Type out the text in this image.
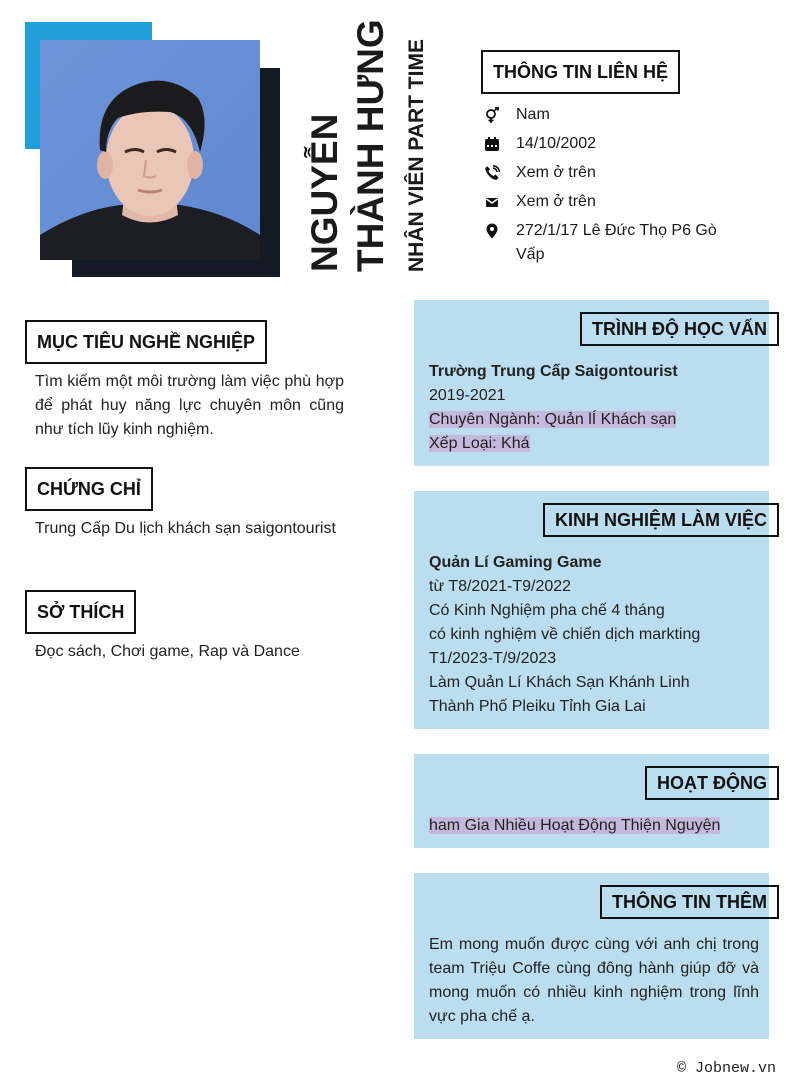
NGUYỄN THÀNH HƯNG NHÂN VIÊN PART TIME	THÔNG TIN LIÊN HỆ
Nam
14/10/2002
Xem ở trên
Xem ở trên
272/1/17 Lê Đức Thọ P6 Gò Vấp
MỤC TIÊU NGHỀ NGHIỆP
Tìm kiếm một môi trường làm việc phù hợp để phát huy năng lực chuyên môn cũng như tích lũy kinh nghiệm.
CHỨNG CHỈ
Trung Cấp Du lịch khách sạn saigontourist
SỞ THÍCH
Đọc sách, Chơi game, Rap và Dance
Trường Trung Cấp Saigontourist
2019-2021
Chuyên Ngành: Quản lÍ Khách sạn
Xếp Loại: Khá
TRÌNH ĐỘ HỌC VẤN
Quản Lí Gaming Game
từ T8/2021-T9/2022
Có Kinh Nghiệm pha chế 4 tháng
có kinh nghiệm về chiến dịch markting
T1/2023-T/9/2023
Làm Quản Lí Khách Sạn Khánh Linh
Thành Phố Pleiku Tỉnh Gia Lai
KINH NGHIỆM LÀM VIỆC
ham Gia Nhiều Hoạt Động Thiện Nguyện
HOẠT ĐỘNG
Em mong muốn được cùng với anh chị trong team Triệu Coffe cùng đông hành giúp đỡ và mong muốn có nhiều kinh nghiệm trong lĩnh vực pha chế ạ.
THÔNG TIN THÊM
© Jobnew.vn
